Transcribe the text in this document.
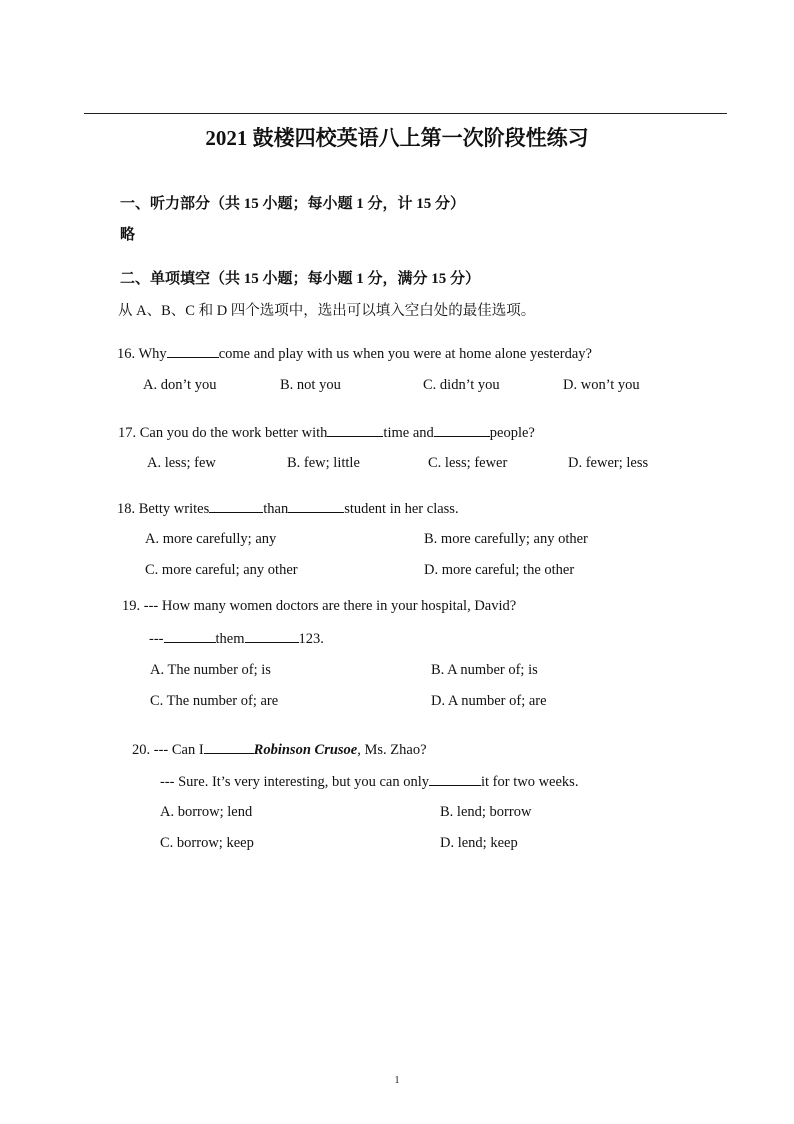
2021 鼓楼四校英语八上第一次阶段性练习
一、听力部分（共 15 小题；每小题 1 分，计 15 分）
略
二、单项填空（共 15 小题；每小题 1 分，满分 15 分）
从 A、B、C 和 D 四个选项中，选出可以填入空白处的最佳选项。
16. Why	come and play with us when you were at home alone yesterday?
A. don’t you	B. not you	C. didn’t you	D. won’t you
17. Can you do the work better with	time and	people?
A. less; few	B. few; little	C. less; fewer	D. fewer; less
18. Betty writes	than	student in her class.
A. more carefully; any	B. more carefully; any other
C. more careful; any other	D. more careful; the other
19. --- How many women doctors are there in your hospital, David?
---	them	123.
A. The number of; is	B. A number of; is
C. The number of; are	D. A number of; are
20. --- Can I	Robinson Crusoe, Ms. Zhao?
--- Sure. It’s very interesting, but you can only	it for two weeks.
A. borrow; lend	B. lend; borrow
C. borrow; keep	D. lend; keep
1
